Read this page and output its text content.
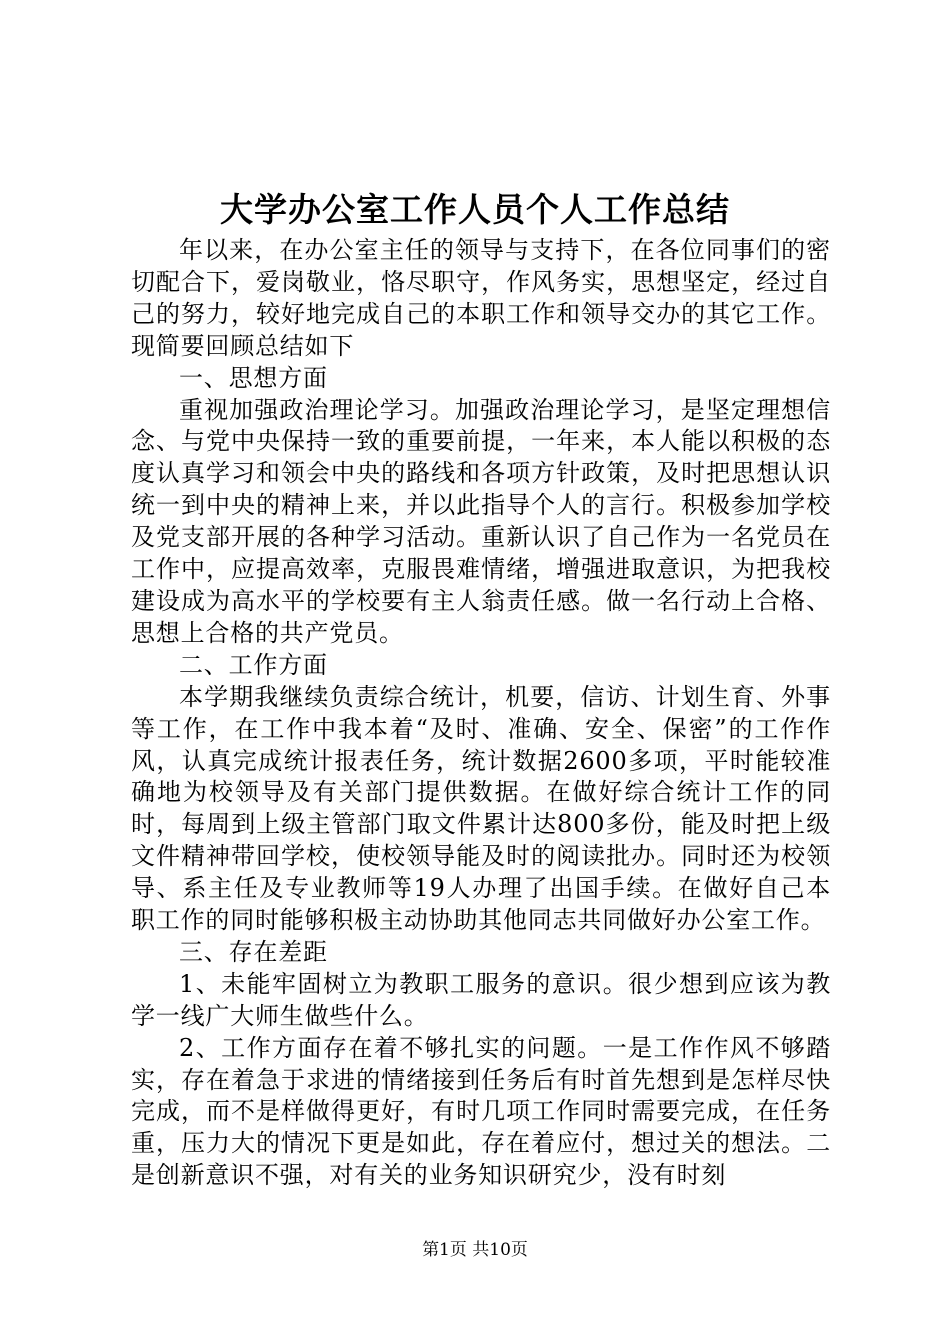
大学办公室工作人员个人工作总结

年以来，在办公室主任的领导与支持下，在各位同事们的密切配合下，爱岗敬业，恪尽职守，作风务实，思想坚定，经过自己的努力，较好地完成自己的本职工作和领导交办的其它工作。现简要回顾总结如下

一、思想方面

重视加强政治理论学习。加强政治理论学习，是坚定理想信念、与党中央保持一致的重要前提，一年来，本人能以积极的态度认真学习和领会中央的路线和各项方针政策，及时把思想认识统一到中央的精神上来，并以此指导个人的言行。积极参加学校及党支部开展的各种学习活动。重新认识了自己作为一名党员在工作中，应提高效率，克服畏难情绪，增强进取意识，为把我校建设成为高水平的学校要有主人翁责任感。做一名行动上合格、思想上合格的共产党员。

二、工作方面

本学期我继续负责综合统计，机要，信访、计划生育、外事等工作，在工作中我本着“及时、准确、安全、保密”的工作作风，认真完成统计报表任务，统计数据2600多项，平时能较准确地为校领导及有关部门提供数据。在做好综合统计工作的同时，每周到上级主管部门取文件累计达800多份，能及时把上级文件精神带回学校，使校领导能及时的阅读批办。同时还为校领导、系主任及专业教师等19人办理了出国手续。在做好自己本职工作的同时能够积极主动协助其他同志共同做好办公室工作。

三、存在差距

1、未能牢固树立为教职工服务的意识。很少想到应该为教学一线广大师生做些什么。

2、工作方面存在着不够扎实的问题。一是工作作风不够踏实，存在着急于求进的情绪接到任务后有时首先想到是怎样尽快完成，而不是样做得更好，有时几项工作同时需要完成，在任务重，压力大的情况下更是如此，存在着应付，想过关的想法。二是创新意识不强，对有关的业务知识研究少，没有时刻

第1页 共10页
